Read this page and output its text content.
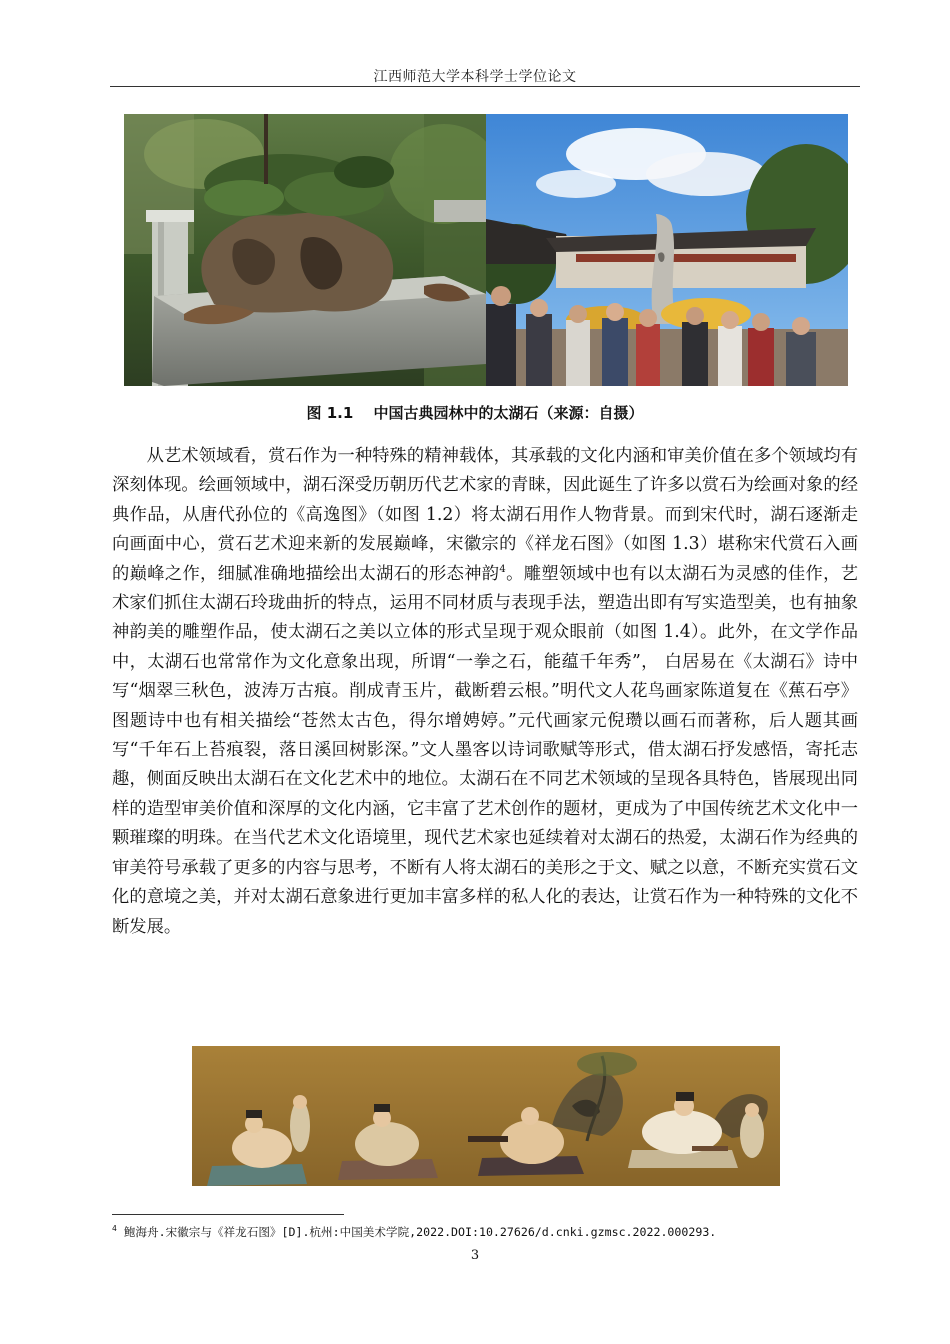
江西师范大学本科学士学位论文
图 1.1　 中国古典园林中的太湖石（来源：自摄）

从艺术领域看，赏石作为一种特殊的精神载体，其承载的文化内涵和审美价值在多个领域均有深刻体现。绘画领域中，湖石深受历朝历代艺术家的青睐，因此诞生了许多以赏石为绘画对象的经典作品，从唐代孙位的《高逸图》（如图 1.2）将太湖石用作人物背景。而到宋代时，湖石逐渐走向画面中心，赏石艺术迎来新的发展巅峰，宋徽宗的《祥龙石图》（如图 1.3）堪称宋代赏石入画的巅峰之作，细腻准确地描绘出太湖石的形态神韵$^4$。雕塑领域中也有以太湖石为灵感的佳作，艺术家们抓住太湖石玲珑曲折的特点，运用不同材质与表现手法，塑造出即有写实造型美，也有抽象神韵美的雕塑作品，使太湖石之美以立体的形式呈现于观众眼前（如图 1.4）。此外，在文学作品中，太湖石也常常作为文化意象出现，所谓“一拳之石，能蕴千年秀”， 白居易在《太湖石》诗中写“烟翠三秋色，波涛万古痕。削成青玉片，截断碧云根。”明代文人花鸟画家陈道复在《蕉石亭》图题诗中也有相关描绘“苍然太古色，得尔增娉婷。”元代画家元倪瓒以画石而著称，后人题其画写“千年石上苔痕裂，落日溪回树影深。”文人墨客以诗词歌赋等形式，借太湖石抒发感悟，寄托志趣，侧面反映出太湖石在文化艺术中的地位。太湖石在不同艺术领域的呈现各具特色，皆展现出同样的造型审美价值和深厚的文化内涵，它丰富了艺术创作的题材，更成为了中国传统艺术文化中一颗璀璨的明珠。在当代艺术文化语境里，现代艺术家也延续着对太湖石的热爱，太湖石作为经典的审美符号承载了更多的内容与思考，不断有人将太湖石的美形之于文、赋之以意，不断充实赏石文化的意境之美，并对太湖石意象进行更加丰富多样的私人化的表达，让赏石作为一种特殊的文化不断发展。

$^4$ 鲍海舟.宋徽宗与《祥龙石图》[D].杭州:中国美术学院,2022.DOI:10.27626/d.cnki.gzmsc.2022.000293.
3
